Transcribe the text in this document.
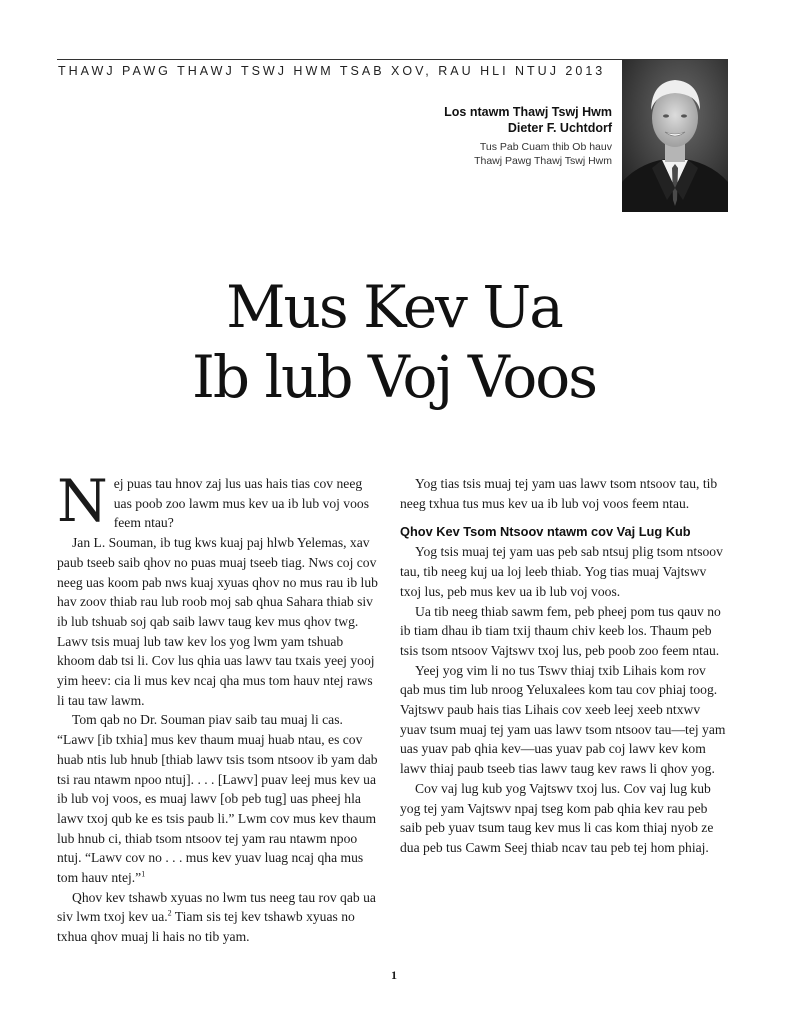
THAWJ PAWG THAWJ TSWJ HWM TSAB XOV, RAU HLI NTUJ 2013
Los ntawm Thawj Tswj Hwm
Dieter F. Uchtdorf
Tus Pab Cuam thib Ob hauv
Thawj Pawg Thawj Tswj Hwm
Mus Kev Ua
Ib lub Voj Voos

Nej puas tau hnov zaj lus uas hais tias cov neeg uas poob zoo lawm mus kev ua ib lub voj voos feem ntau?

Jan L. Souman, ib tug kws kuaj paj hlwb Yelemas, xav paub tseeb saib qhov no puas muaj tseeb tiag. Nws coj cov neeg uas koom pab nws kuaj xyuas qhov no mus rau ib lub hav zoov thiab rau lub roob moj sab qhua Sahara thiab siv ib lub tshuab soj qab saib lawv taug kev mus qhov twg. Lawv tsis muaj lub taw kev los yog lwm yam tshuab khoom dab tsi li. Cov lus qhia uas lawv tau txais yeej yooj yim heev: cia li mus kev ncaj qha mus tom hauv ntej raws li tau taw lawm.

Tom qab no Dr. Souman piav saib tau muaj li cas. “Lawv [ib txhia] mus kev thaum muaj huab ntau, es cov huab ntis lub hnub [thiab lawv tsis tsom ntsoov ib yam dab tsi rau ntawm npoo ntuj]. . . . [Lawv] puav leej mus kev ua ib lub voj voos, es muaj lawv [ob peb tug] uas pheej hla lawv txoj qub ke es tsis paub li.” Lwm cov mus kev thaum lub hnub ci, thiab tsom ntsoov tej yam rau ntawm npoo ntuj. “Lawv cov no . . . mus kev yuav luag ncaj qha mus tom hauv ntej.”$^1$

Qhov kev tshawb xyuas no lwm tus neeg tau rov qab ua siv lwm txoj kev ua.$^2$ Tiam sis tej kev tshawb xyuas no txhua qhov muaj li hais no tib yam.

Yog tias tsis muaj tej yam uas lawv tsom ntsoov tau, tib neeg txhua tus mus kev ua ib lub voj voos feem ntau.

Qhov Kev Tsom Ntsoov ntawm cov Vaj Lug Kub

Yog tsis muaj tej yam uas peb sab ntsuj plig tsom ntsoov tau, tib neeg kuj ua loj leeb thiab. Yog tias muaj Vajtswv txoj lus, peb mus kev ua ib lub voj voos.

Ua tib neeg thiab sawm fem, peb pheej pom tus qauv no ib tiam dhau ib tiam txij thaum chiv keeb los. Thaum peb tsis tsom ntsoov Vajtswv txoj lus, peb poob zoo feem ntau.

Yeej yog vim li no tus Tswv thiaj txib Lihais kom rov qab mus tim lub nroog Yeluxalees kom tau cov phiaj toog. Vajtswv paub hais tias Lihais cov xeeb leej xeeb ntxwv yuav tsum muaj tej yam uas lawv tsom ntsoov tau—tej yam uas yuav pab qhia kev—uas yuav pab coj lawv kev kom lawv thiaj paub tseeb tias lawv taug kev raws li qhov yog.

Cov vaj lug kub yog Vajtswv txoj lus. Cov vaj lug kub yog tej yam Vajtswv npaj tseg kom pab qhia kev rau peb saib peb yuav tsum taug kev mus li cas kom thiaj nyob ze dua peb tus Cawm Seej thiab ncav tau peb tej hom phiaj.

1
